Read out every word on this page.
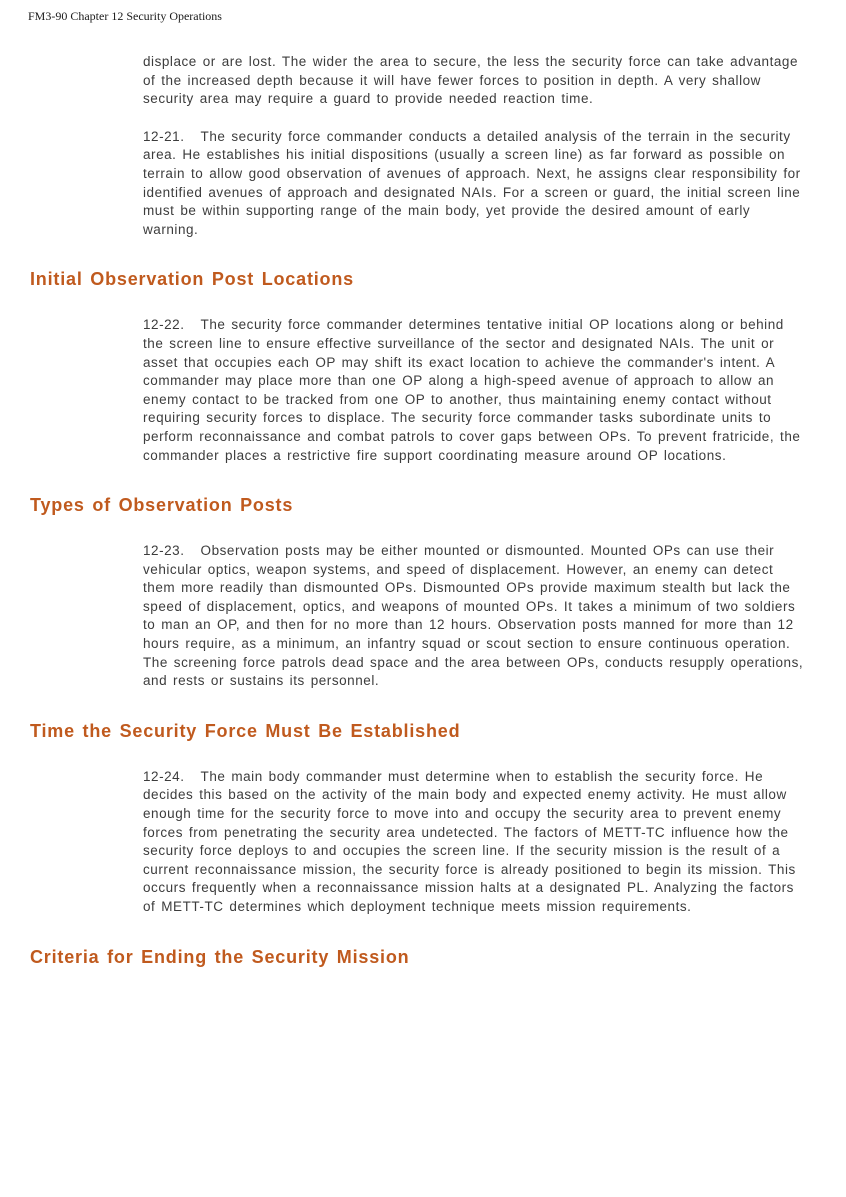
FM3-90 Chapter 12 Security Operations

displace or are lost. The wider the area to secure, the less the security force can take advantage of the increased depth because it will have fewer forces to position in depth. A very shallow security area may require a guard to provide needed reaction time.

12-21. The security force commander conducts a detailed analysis of the terrain in the security area. He establishes his initial dispositions (usually a screen line) as far forward as possible on terrain to allow good observation of avenues of approach. Next, he assigns clear responsibility for identified avenues of approach and designated NAIs. For a screen or guard, the initial screen line must be within supporting range of the main body, yet provide the desired amount of early warning.

Initial Observation Post Locations

12-22. The security force commander determines tentative initial OP locations along or behind the screen line to ensure effective surveillance of the sector and designated NAIs. The unit or asset that occupies each OP may shift its exact location to achieve the commander's intent. A commander may place more than one OP along a high-speed avenue of approach to allow an enemy contact to be tracked from one OP to another, thus maintaining enemy contact without requiring security forces to displace. The security force commander tasks subordinate units to perform reconnaissance and combat patrols to cover gaps between OPs. To prevent fratricide, the commander places a restrictive fire support coordinating measure around OP locations.

Types of Observation Posts

12-23. Observation posts may be either mounted or dismounted. Mounted OPs can use their vehicular optics, weapon systems, and speed of displacement. However, an enemy can detect them more readily than dismounted OPs. Dismounted OPs provide maximum stealth but lack the speed of displacement, optics, and weapons of mounted OPs. It takes a minimum of two soldiers to man an OP, and then for no more than 12 hours. Observation posts manned for more than 12 hours require, as a minimum, an infantry squad or scout section to ensure continuous operation. The screening force patrols dead space and the area between OPs, conducts resupply operations, and rests or sustains its personnel.

Time the Security Force Must Be Established

12-24. The main body commander must determine when to establish the security force. He decides this based on the activity of the main body and expected enemy activity. He must allow enough time for the security force to move into and occupy the security area to prevent enemy forces from penetrating the security area undetected. The factors of METT-TC influence how the security force deploys to and occupies the screen line. If the security mission is the result of a current reconnaissance mission, the security force is already positioned to begin its mission. This occurs frequently when a reconnaissance mission halts at a designated PL. Analyzing the factors of METT-TC determines which deployment technique meets mission requirements.

Criteria for Ending the Security Mission
